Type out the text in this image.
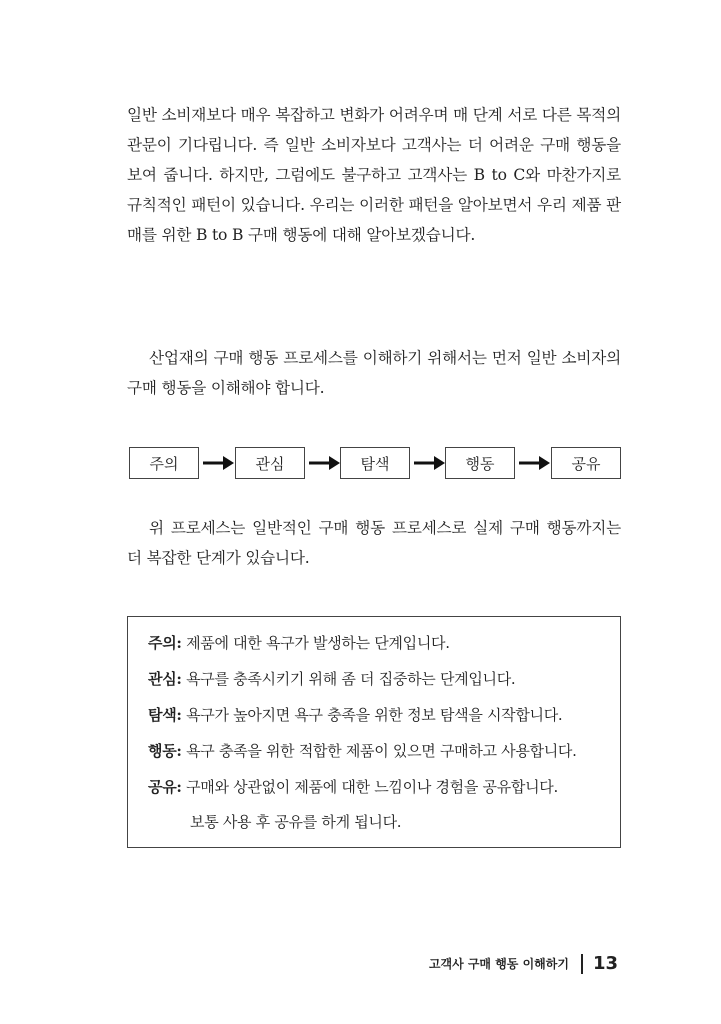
일반 소비재보다 매우 복잡하고 변화가 어려우며 매 단계 서로 다른 목적의 관문이 기다립니다. 즉 일반 소비자보다 고객사는 더 어려운 구매 행동을 보여 줍니다. 하지만, 그럼에도 불구하고 고객사는 B to C와 마찬가지로 규칙적인 패턴이 있습니다. 우리는 이러한 패턴을 알아보면서 우리 제품 판매를 위한 B to B 구매 행동에 대해 알아보겠습니다.

산업재의 구매 행동 프로세스를 이해하기 위해서는 먼저 일반 소비자의 구매 행동을 이해해야 합니다.

주의	관심	탐색	행동	공유

위 프로세스는 일반적인 구매 행동 프로세스로 실제 구매 행동까지는 더 복잡한 단계가 있습니다.

주의: 제품에 대한 욕구가 발생하는 단계입니다.
관심: 욕구를 충족시키기 위해 좀 더 집중하는 단계입니다.
탐색: 욕구가 높아지면 욕구 충족을 위한 정보 탐색을 시작합니다.
행동: 욕구 충족을 위한 적합한 제품이 있으면 구매하고 사용합니다.
공유: 구매와 상관없이 제품에 대한 느낌이나 경험을 공유합니다.
보통 사용 후 공유를 하게 됩니다.
고객사 구매 행동 이해하기 13
